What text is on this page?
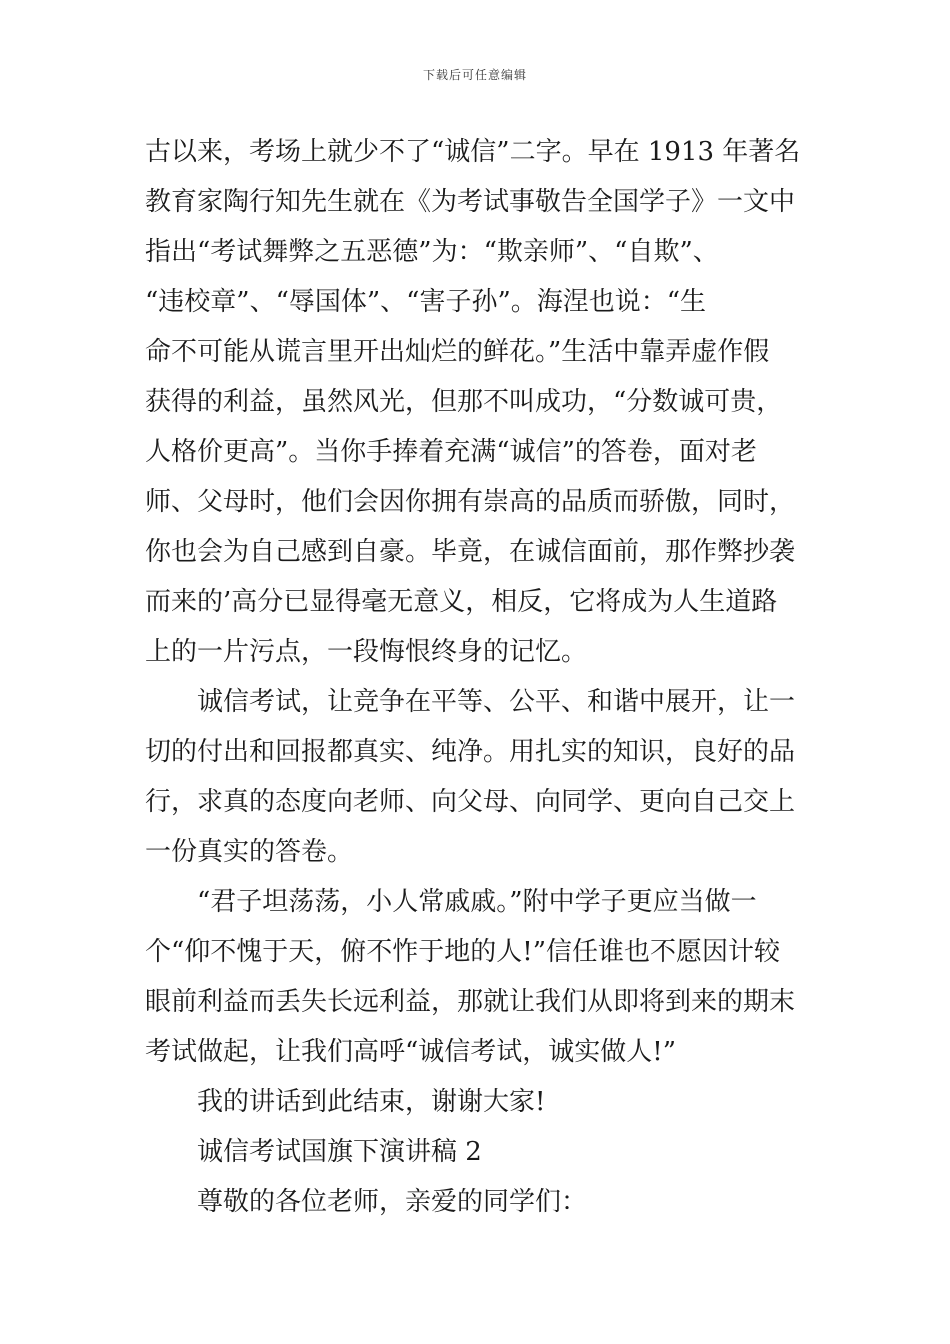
下载后可任意编辑
古以来，考场上就少不了“诚信”二字。早在 1913 年著名
教育家陶行知先生就在《为考试事敬告全国学子》一文中
指出“考试舞弊之五恶德”为：“欺亲师”、“自欺”、
“违校章”、“辱国体”、“害子孙”。海涅也说：“生
命不可能从谎言里开出灿烂的鲜花。”生活中靠弄虚作假
获得的利益，虽然风光，但那不叫成功，“分数诚可贵，
人格价更高”。当你手捧着充满“诚信”的答卷，面对老
师、父母时，他们会因你拥有崇高的品质而骄傲，同时，
你也会为自己感到自豪。毕竟，在诚信面前，那作弊抄袭
而来的’高分已显得毫无意义，相反，它将成为人生道路
上的一片污点，一段悔恨终身的记忆。
诚信考试，让竞争在平等、公平、和谐中展开，让一
切的付出和回报都真实、纯净。用扎实的知识，良好的品
行，求真的态度向老师、向父母、向同学、更向自己交上
一份真实的答卷。
“君子坦荡荡，小人常戚戚。”附中学子更应当做一
个“仰不愧于天，俯不怍于地的人!”信任谁也不愿因计较
眼前利益而丢失长远利益，那就让我们从即将到来的期末
考试做起，让我们高呼“诚信考试，诚实做人!”
我的讲话到此结束，谢谢大家!
诚信考试国旗下演讲稿 2
尊敬的各位老师，亲爱的同学们：
